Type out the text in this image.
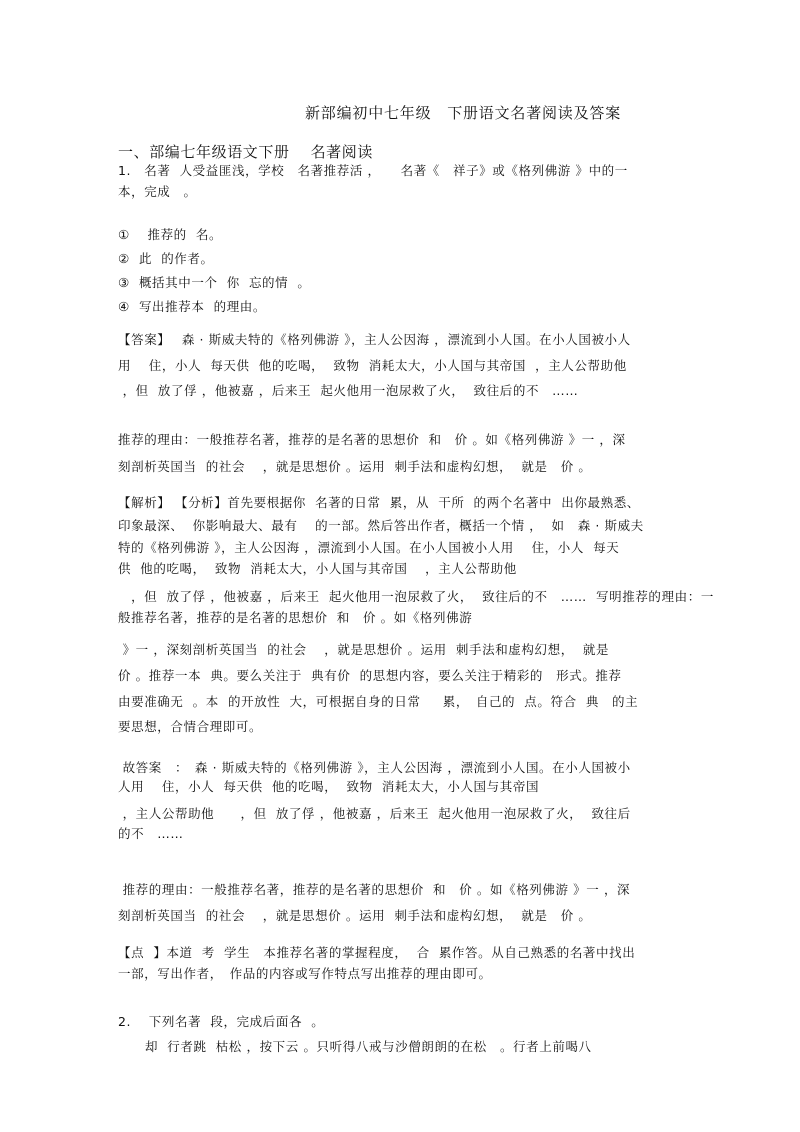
新部编初中七年级　下册语文名著阅读及答案
一、部编七年级语文下册　 名著阅读
1.　名著  人受益匪浅，学校　名著推荐活 ，　　名著《　祥子》或《格列佛游 》中的一
本，完成　。
①　 推荐的  名。
②  此  的作者。
③  概括其中一个  你  忘的情  。
④  写出推荐本  的理由。
【答案】　 森 · 斯威夫特的《格列佛游 》，主人公因海 ，漂流到小人国。在小人国被小人
用　 住，小人  每天供  他的吃喝，  致物  消耗太大，小人国与其帝国  ，主人公帮助他
，但  放了俘 ，他被嘉 ，后来王  起火他用一泡尿救了火，  致往后的不　……
推荐的理由：一般推荐名著，推荐的是名著的思想价  和　价 。如《格列佛游 》一 ，深
刻剖析英国当  的社会 　，就是思想价 。运用  刺手法和虚构幻想，  就是　价 。
【解析】 【分析】首先要根据你  名著的日常  累，从  干所  的两个名著中  出你最熟悉、
印象最深、  你影响最大、最有　 的一部。然后答出作者，概括一个情 ，  如　森 · 斯威夫
特的《格列佛游 》，主人公因海 ，漂流到小人国。在小人国被小人用　 住，小人  每天
供  他的吃喝，  致物  消耗太大，小人国与其帝国　 ，主人公帮助他
　，但  放了俘 ，他被嘉 ，后来王  起火他用一泡尿救了火，  致往后的不　……  写明推荐的理由：一
般推荐名著，推荐的是名著的思想价  和　价 。如《格列佛游
》一 ，深刻剖析英国当  的社会 　，就是思想价 。运用  刺手法和虚构幻想，  就是
价 。推荐一本  典。要么关注于  典有价  的思想内容，要么关注于精彩的　形式。推荐
由要准确无  。本  的开放性  大，可根据自身的日常　  累，　自己的  点。符合  典　的主
要思想，合情合理即可。
故答案　：　森 · 斯威夫特的《格列佛游 》，主人公因海 ，漂流到小人国。在小人国被小
人用　 住，小人  每天供  他的吃喝，  致物  消耗太大，小人国与其帝国
，主人公帮助他　　，但  放了俘 ，他被嘉 ，后来王  起火他用一泡尿救了火，  致往后
的不　……
推荐的理由：一般推荐名著，推荐的是名著的思想价  和　价 。如《格列佛游 》一 ，深
刻剖析英国当  的社会 　，就是思想价 。运用  刺手法和虚构幻想，  就是　价 。
【点  】本道  考  学生　本推荐名著的掌握程度，  合  累作答。从自己熟悉的名著中找出
一部，写出作者，　作品的内容或写作特点写出推荐的理由即可。
2.　 下列名著  段，完成后面各  。
却  行者跳  枯松 ，按下云 。只听得八戒与沙僧朗朗的在松　。行者上前喝八
